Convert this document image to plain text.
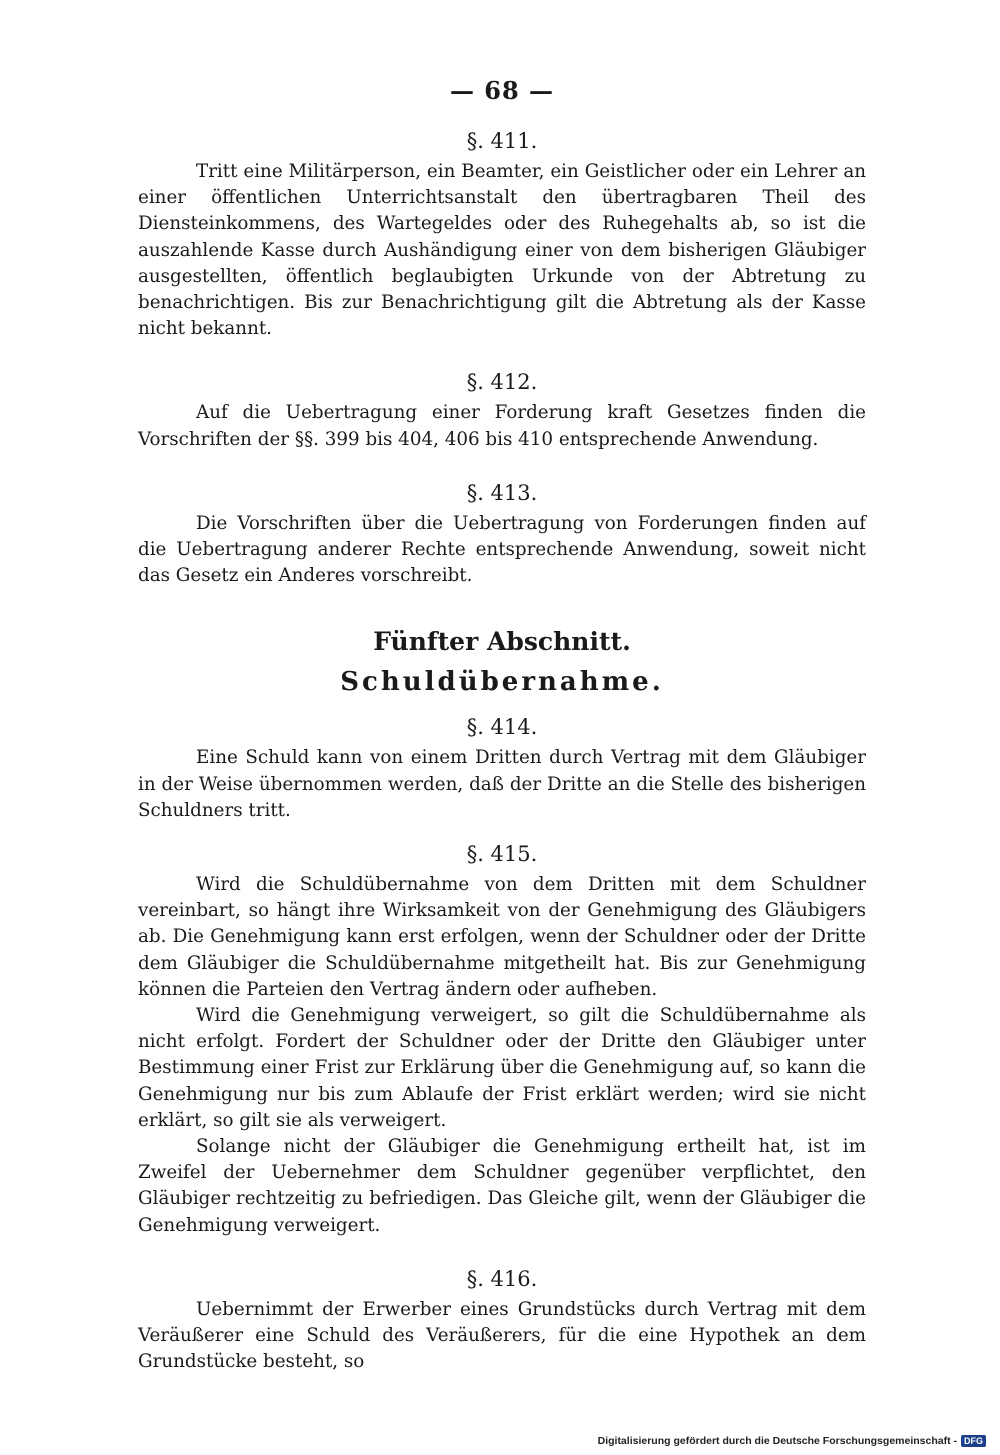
— 68 —
§. 411.

Tritt eine Militärperson, ein Beamter, ein Geistlicher oder ein Lehrer an einer öffentlichen Unterrichtsanstalt den übertragbaren Theil des Diensteinkommens, des Wartegeldes oder des Ruhegehalts ab, so ist die auszahlende Kasse durch Aushändigung einer von dem bisherigen Gläubiger ausgestellten, öffentlich beglaubigten Urkunde von der Abtretung zu benachrichtigen. Bis zur Benachrichtigung gilt die Abtretung als der Kasse nicht bekannt.

§. 412.

Auf die Uebertragung einer Forderung kraft Gesetzes finden die Vorschriften der §§. 399 bis 404, 406 bis 410 entsprechende Anwendung.

§. 413.

Die Vorschriften über die Uebertragung von Forderungen finden auf die Uebertragung anderer Rechte entsprechende Anwendung, soweit nicht das Gesetz ein Anderes vorschreibt.

Fünfter Abschnitt.
Schuldübernahme.
§. 414.

Eine Schuld kann von einem Dritten durch Vertrag mit dem Gläubiger in der Weise übernommen werden, daß der Dritte an die Stelle des bisherigen Schuldners tritt.

§. 415.

Wird die Schuldübernahme von dem Dritten mit dem Schuldner vereinbart, so hängt ihre Wirksamkeit von der Genehmigung des Gläubigers ab. Die Genehmigung kann erst erfolgen, wenn der Schuldner oder der Dritte dem Gläubiger die Schuldübernahme mitgetheilt hat. Bis zur Genehmigung können die Parteien den Vertrag ändern oder aufheben.

Wird die Genehmigung verweigert, so gilt die Schuldübernahme als nicht erfolgt. Fordert der Schuldner oder der Dritte den Gläubiger unter Bestimmung einer Frist zur Erklärung über die Genehmigung auf, so kann die Genehmigung nur bis zum Ablaufe der Frist erklärt werden; wird sie nicht erklärt, so gilt sie als verweigert.

Solange nicht der Gläubiger die Genehmigung ertheilt hat, ist im Zweifel der Uebernehmer dem Schuldner gegenüber verpflichtet, den Gläubiger rechtzeitig zu befriedigen. Das Gleiche gilt, wenn der Gläubiger die Genehmigung verweigert.

§. 416.

Uebernimmt der Erwerber eines Grundstücks durch Vertrag mit dem Veräußerer eine Schuld des Veräußerers, für die eine Hypothek an dem Grundstücke besteht, so

Digitalisierung gefördert durch die Deutsche Forschungsgemeinschaft - DFG
